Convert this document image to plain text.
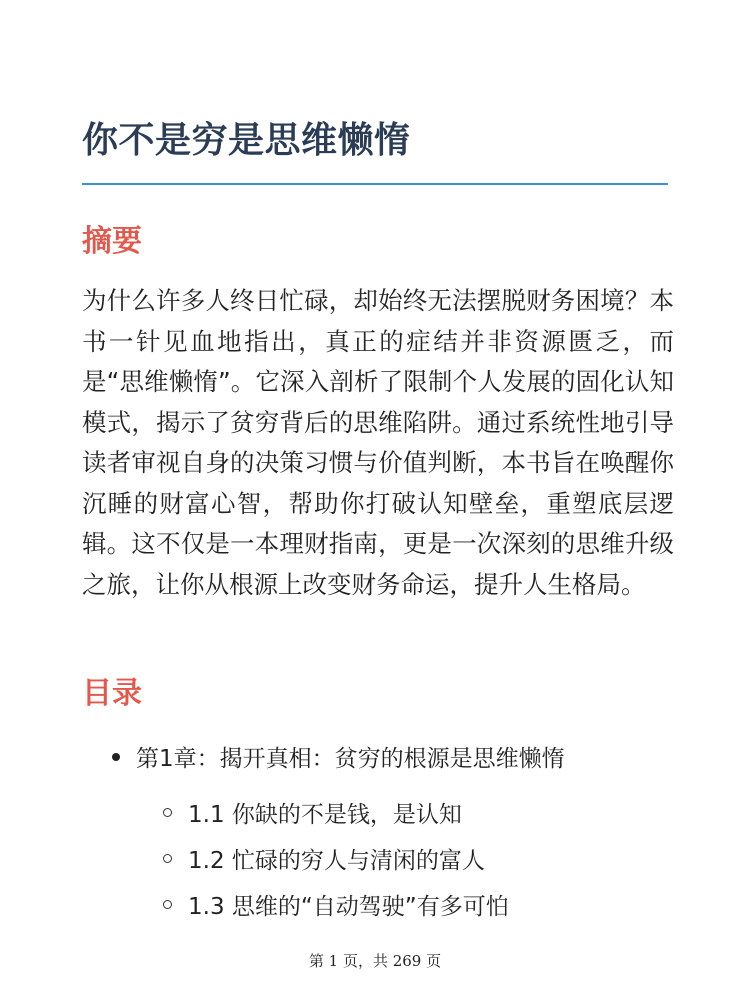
你不是穷是思维懒惰
摘要

为什么许多人终日忙碌，却始终无法摆脱财务困境？本书一针见血地指出，真正的症结并非资源匮乏，而是“思维懒惰”。它深入剖析了限制个人发展的固化认知模式，揭示了贫穷背后的思维陷阱。通过系统性地引导读者审视自身的决策习惯与价值判断，本书旨在唤醒你沉睡的财富心智，帮助你打破认知壁垒，重塑底层逻辑。这不仅是一本理财指南，更是一次深刻的思维升级之旅，让你从根源上改变财务命运，提升人生格局。

目录
第1章：揭开真相：贫穷的根源是思维懒惰
1.1 你缺的不是钱，是认知
1.2 忙碌的穷人与清闲的富人
1.3 思维的“自动驾驶”有多可怕
第 1 页，共 269 页
